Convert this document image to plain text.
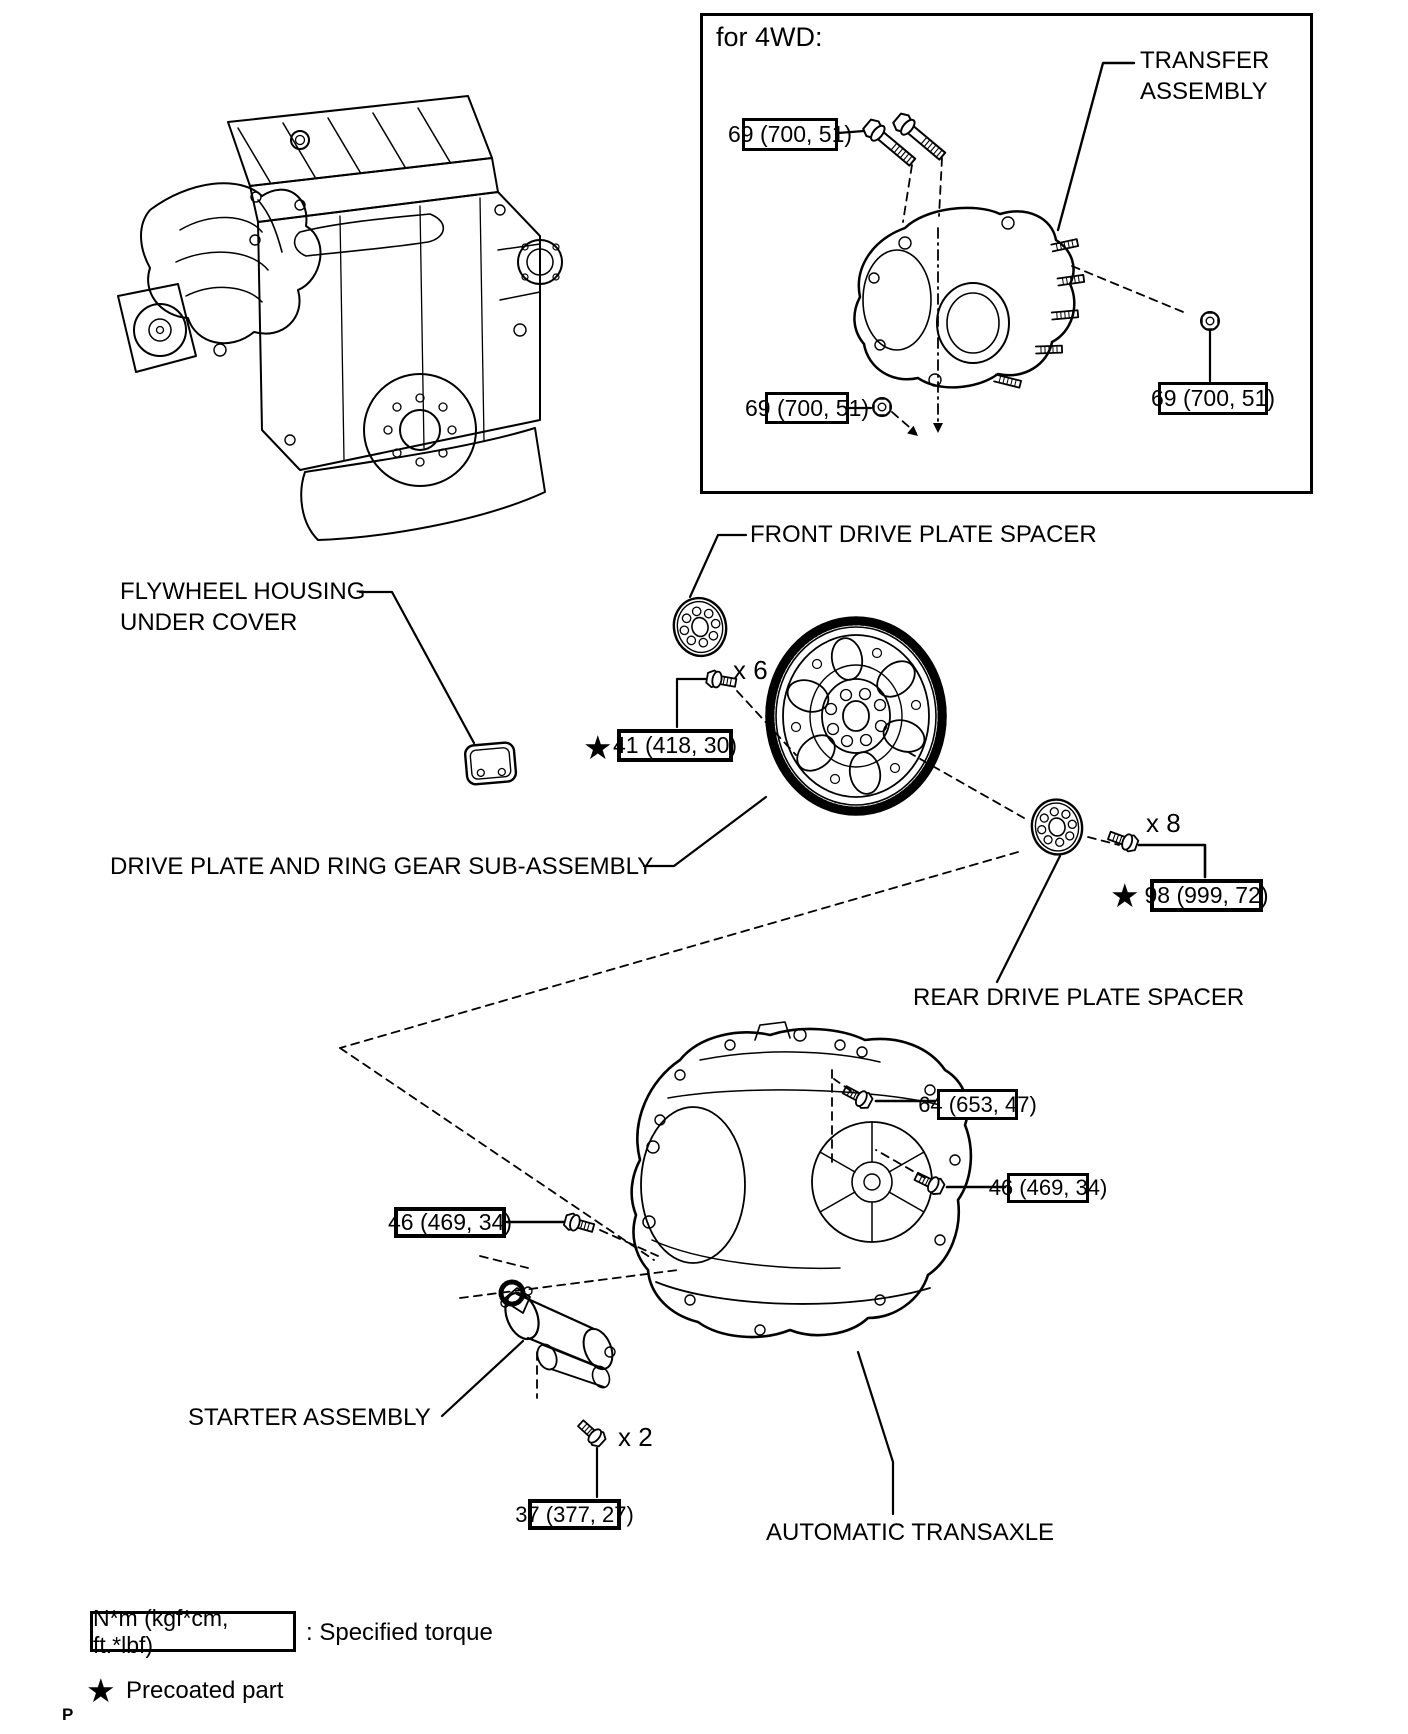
for 4WD:
TRANSFER
ASSEMBLY
69 (700, 51)
69 (700, 51)	69 (700, 51)
FRONT DRIVE PLATE SPACER
FLYWHEEL HOUSING
UNDER COVER
DRIVE PLATE AND RING GEAR SUB-ASSEMBLY
REAR DRIVE PLATE SPACER
STARTER ASSEMBLY
AUTOMATIC TRANSAXLE
x 6
★ 41 (418, 30)
x 8
★ 98 (999, 72)
64 (653, 47)
46 (469, 34)
46 (469, 34)
x 2
37 (377, 27)
N*m (kgf*cm, ft.*lbf)	: Specified torque
★ Precoated part
P
